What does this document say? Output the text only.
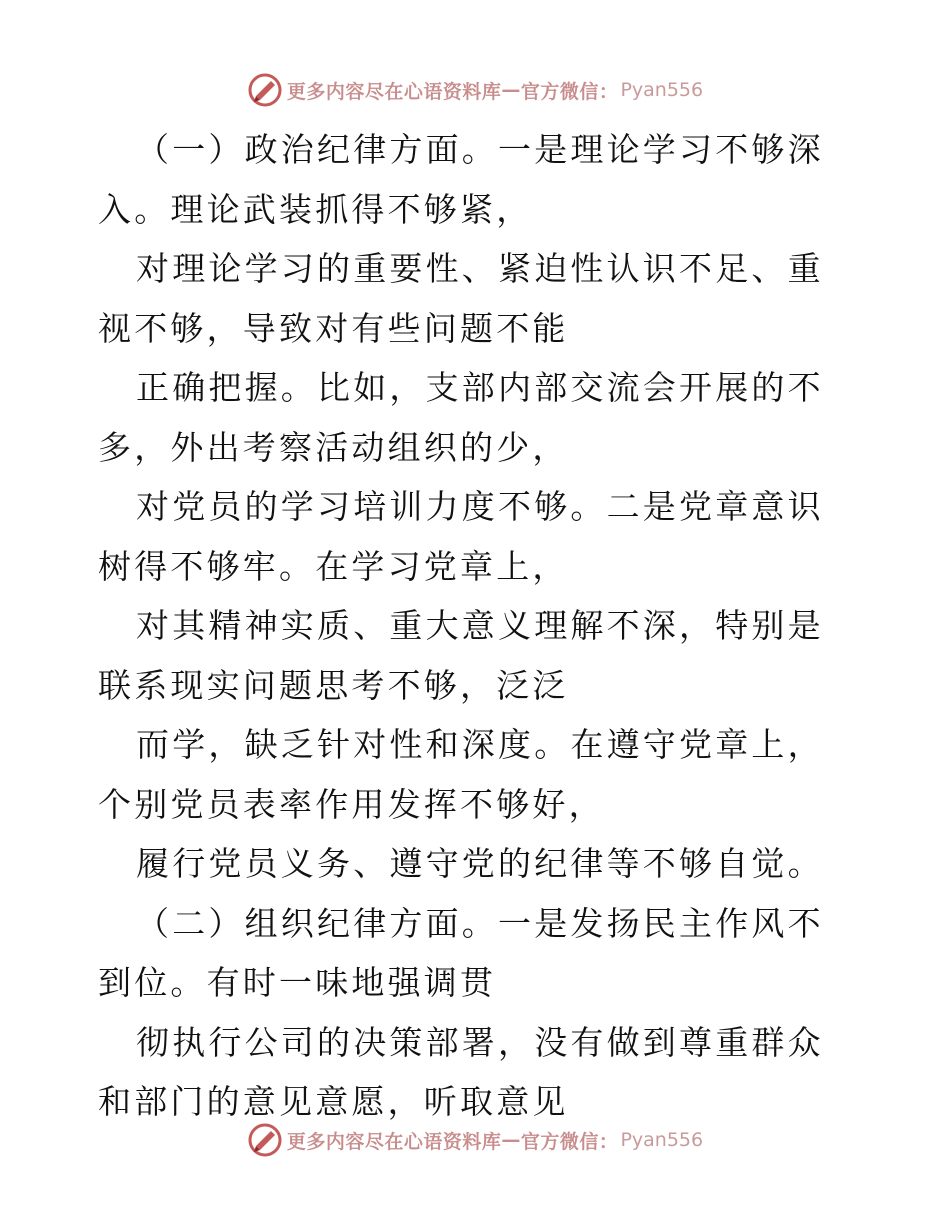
更多内容尽在心语资料库 — 官方微信： Pyan556

（一）政治纪律方面。一是理论学习不够深入。理论武装抓得不够紧，

对理论学习的重要性、紧迫性认识不足、重视不够，导致对有些问题不能

正确把握。比如，支部内部交流会开展的不多，外出考察活动组织的少，

对党员的学习培训力度不够。二是党章意识树得不够牢。在学习党章上，

对其精神实质、重大意义理解不深，特别是联系现实问题思考不够，泛泛

而学，缺乏针对性和深度。在遵守党章上，个别党员表率作用发挥不够好，

履行党员义务、遵守党的纪律等不够自觉。

（二）组织纪律方面。一是发扬民主作风不到位。有时一味地强调贯

彻执行公司的决策部署，没有做到尊重群众和部门的意见意愿，听取意见

更多内容尽在心语资料库 — 官方微信： Pyan556
